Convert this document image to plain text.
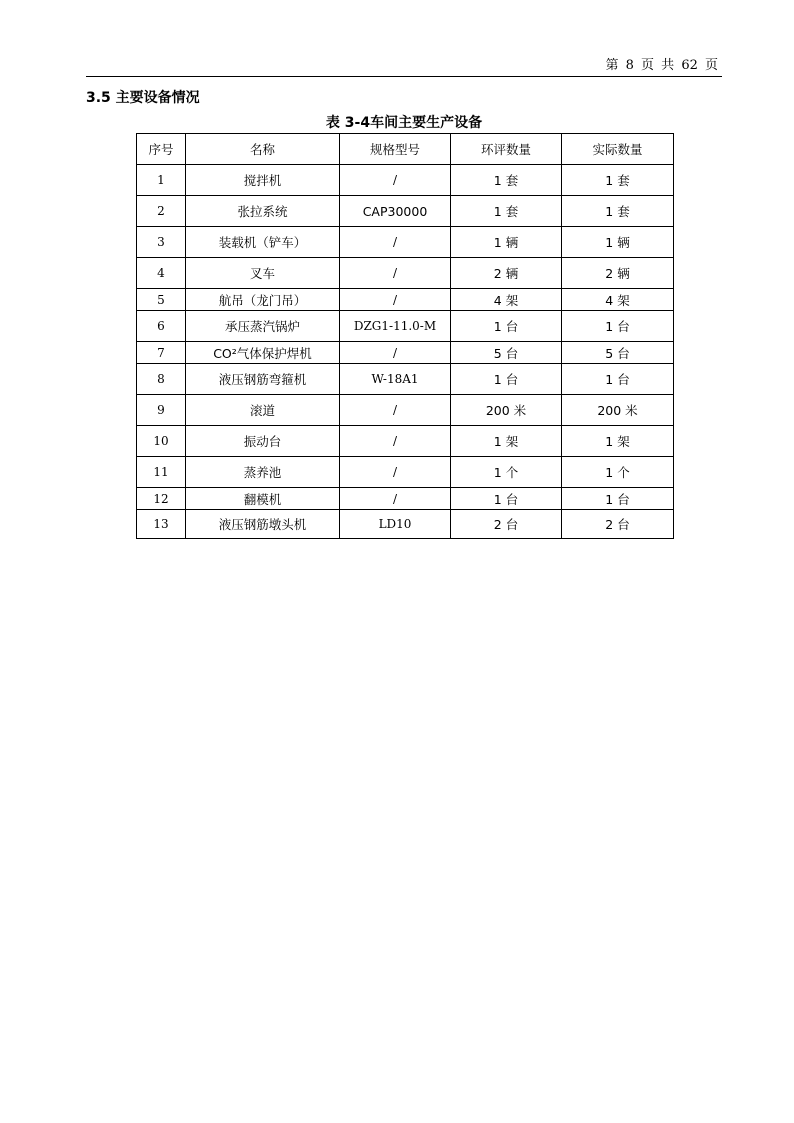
第 8 页 共 62 页
3.5 主要设备情况
表 3-4车间主要生产设备
序号	名称	规格型号	环评数量	实际数量
1	搅拌机	/	1 套	1 套
2	张拉系统	CAP30000	1 套	1 套
3	装载机（铲车）	/	1 辆	1 辆
4	叉车	/	2 辆	2 辆
5	航吊（龙门吊）	/	4 架	4 架
6	承压蒸汽锅炉	DZG1-11.0-M	1 台	1 台
7	CO²气体保护焊机	/	5 台	5 台
8	液压钢筋弯箍机	W-18A1	1 台	1 台
9	滚道	/	200 米	200 米
10	振动台	/	1 架	1 架
11	蒸养池	/	1 个	1 个
12	翻模机	/	1 台	1 台
13	液压钢筋墩头机	LD10	2 台	2 台
